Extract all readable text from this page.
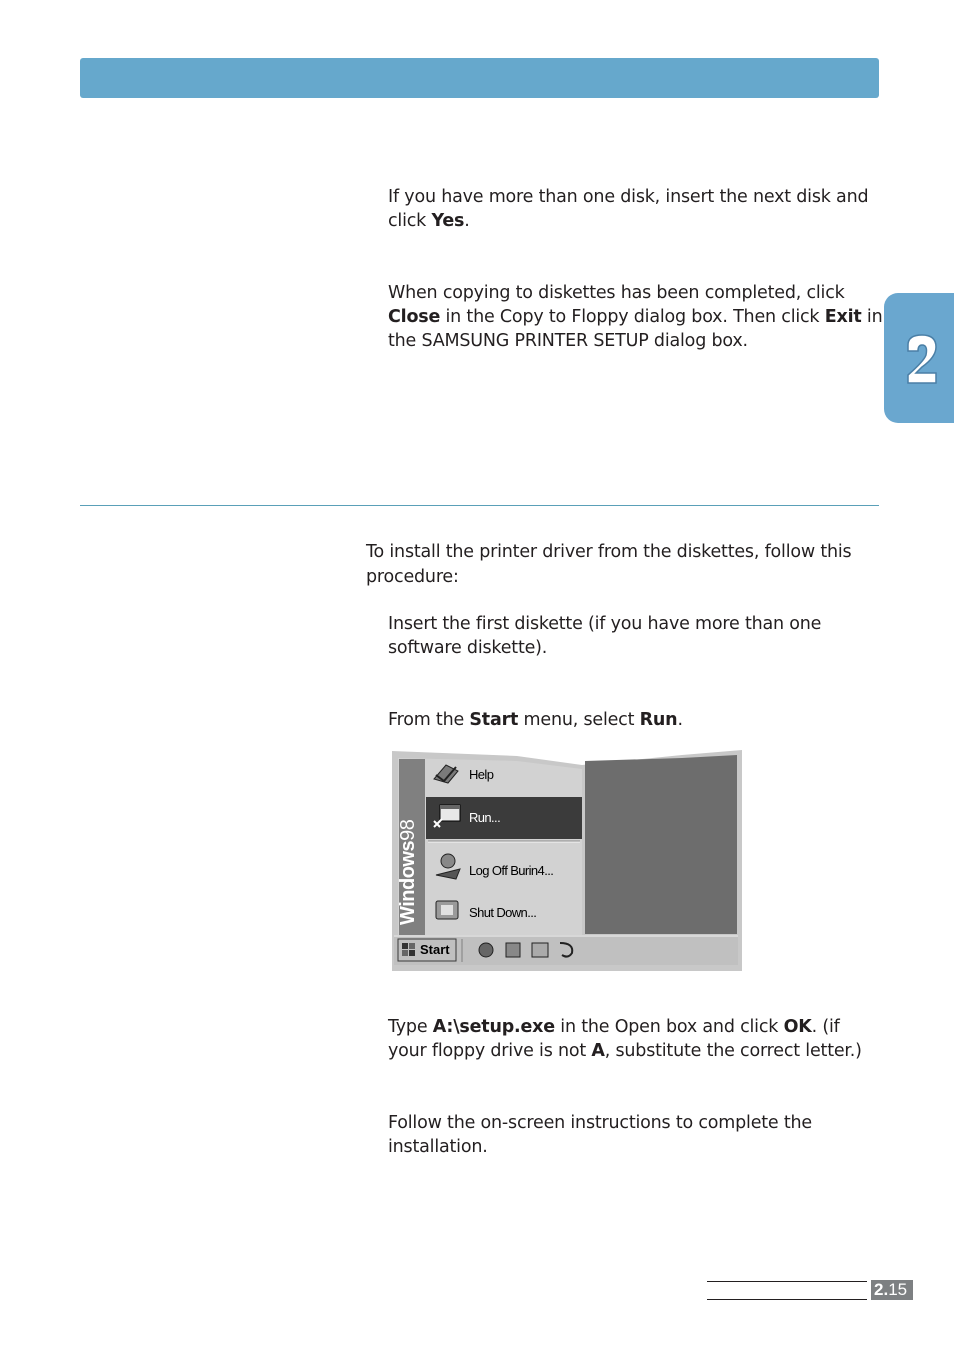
If you have more than one disk, insert the next disk and click Yes.

When copying to diskettes has been completed, click Close in the Copy to Floppy dialog box. Then click Exit in the SAMSUNG PRINTER SETUP dialog box.

To install the printer driver from the diskettes, follow this procedure:

Insert the first diskette (if you have more than one software diskette).

From the Start menu, select Run.

Windows98
Help
Run...
Log Off Burin4...
Shut Down...
Start

Type A:\setup.exe in the Open box and click OK. (if your floppy drive is not A, substitute the correct letter.)

Follow the on-screen instructions to complete the installation.

2.15
